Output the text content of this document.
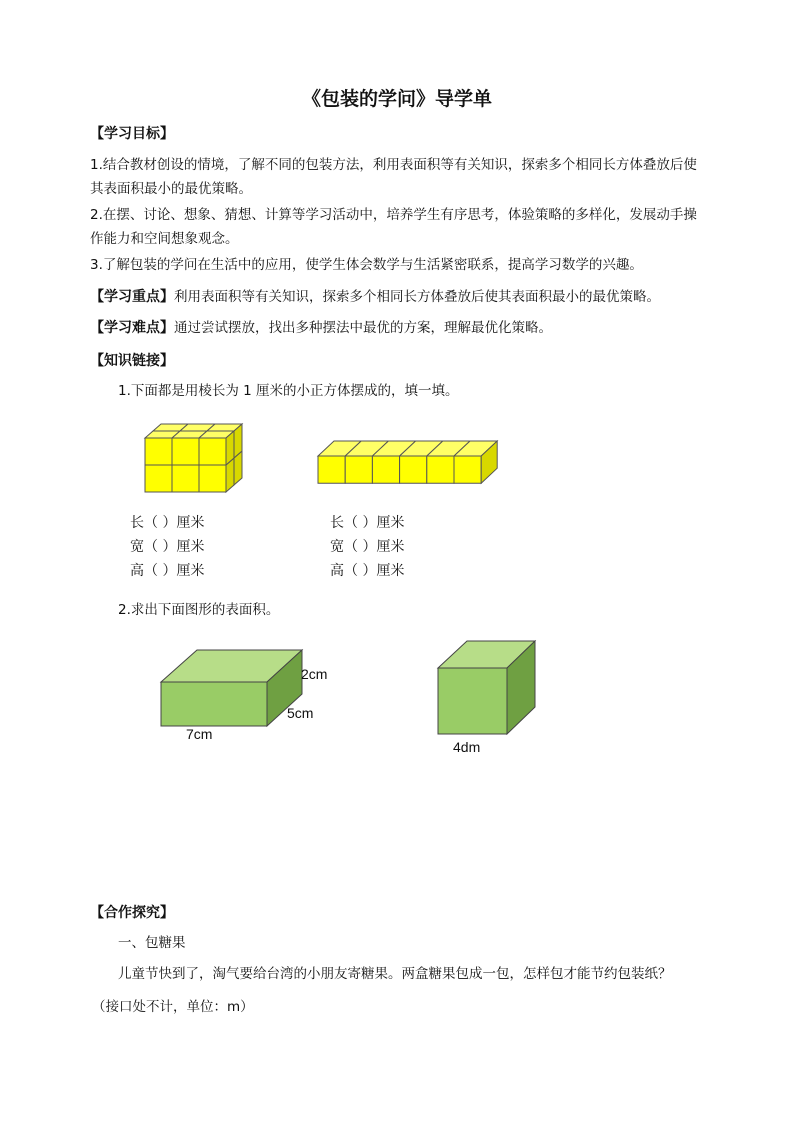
《包装的学问》导学单
【学习目标】
1.结合教材创设的情境，了解不同的包装方法，利用表面积等有关知识，探索多个相同长方体叠放后使其表面积最小的最优策略。
2.在摆、讨论、想象、猜想、计算等学习活动中，培养学生有序思考，体验策略的多样化，发展动手操作能力和空间想象观念。
3.了解包装的学问在生活中的应用，使学生体会数学与生活紧密联系，提高学习数学的兴趣。
【学习重点】利用表面积等有关知识，探索多个相同长方体叠放后使其表面积最小的最优策略。
【学习难点】通过尝试摆放，找出多种摆法中最优的方案，理解最优化策略。
【知识链接】
1.下面都是用棱长为 1 厘米的小正方体摆成的，填一填。
长（ ）厘米
宽（ ）厘米
高（ ）厘米
长（ ）厘米
宽（ ）厘米
高（ ）厘米
2.求出下面图形的表面积。
2cm
5cm
7cm
4dm
【合作探究】
一、包糖果
儿童节快到了，淘气要给台湾的小朋友寄糖果。两盒糖果包成一包，怎样包才能节约包装纸？
（接口处不计，单位：m）
